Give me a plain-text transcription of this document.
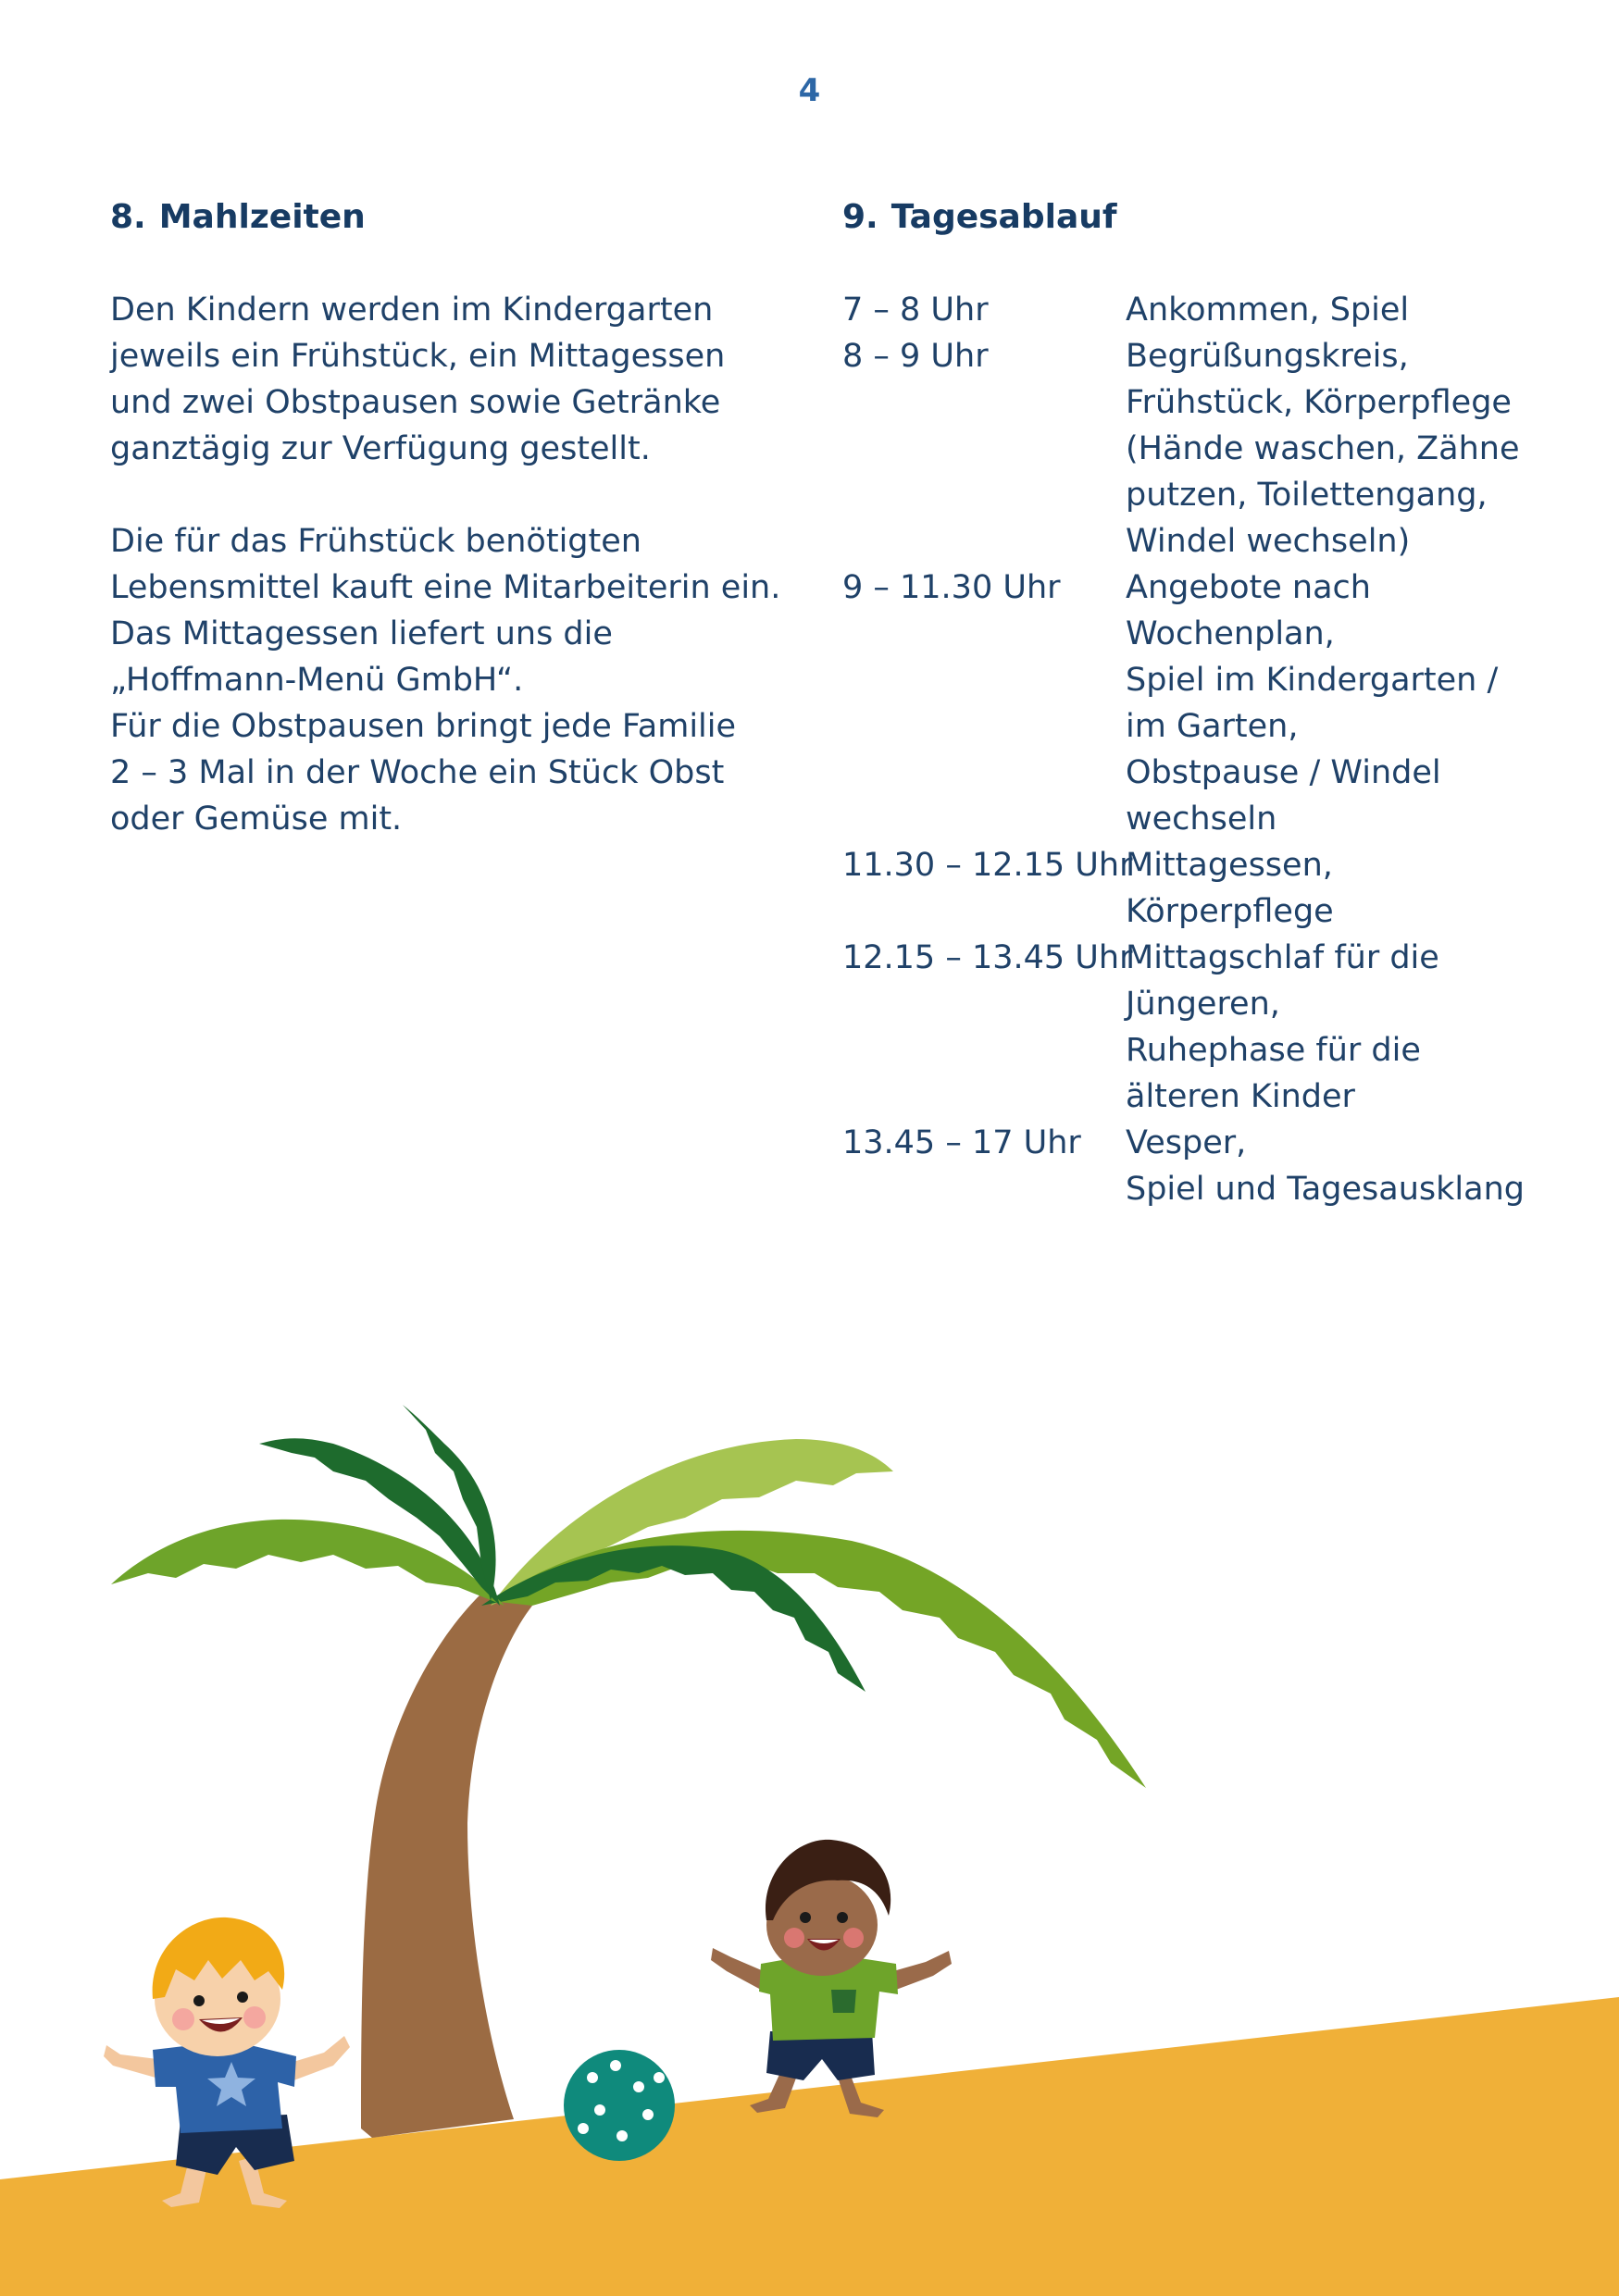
4
8. Mahlzeiten

Den Kindern werden im Kindergarten
jeweils ein Frühstück, ein Mittagessen
und zwei Obstpausen sowie Getränke
ganztägig zur Verfügung gestellt.

Die für das Frühstück benötigten
Lebensmittel kauft eine Mitarbeiterin ein.
Das Mittagessen liefert uns die
„Hoffmann-Menü GmbH“.
Für die Obstpausen bringt jede Familie
2 – 3 Mal in der Woche ein Stück Obst
oder Gemüse mit.

9. Tagesablauf
7 – 8 Uhr	Ankommen, Spiel
8 – 9 Uhr	Begrüßungskreis,
Frühstück, Körperpflege
(Hände waschen, Zähne
putzen, Toilettengang,
Windel wechseln)
9 – 11.30 Uhr	Angebote nach
Wochenplan,
Spiel im Kindergarten /
im Garten,
Obstpause / Windel
wechseln
11.30 – 12.15 Uhr
Mittagessen,
Körperpflege
12.15 – 13.45 Uhr
Mittagschlaf für die
Jüngeren,
Ruhephase für die
älteren Kinder
13.45 – 17 Uhr	Vesper,
Spiel und Tagesausklang
